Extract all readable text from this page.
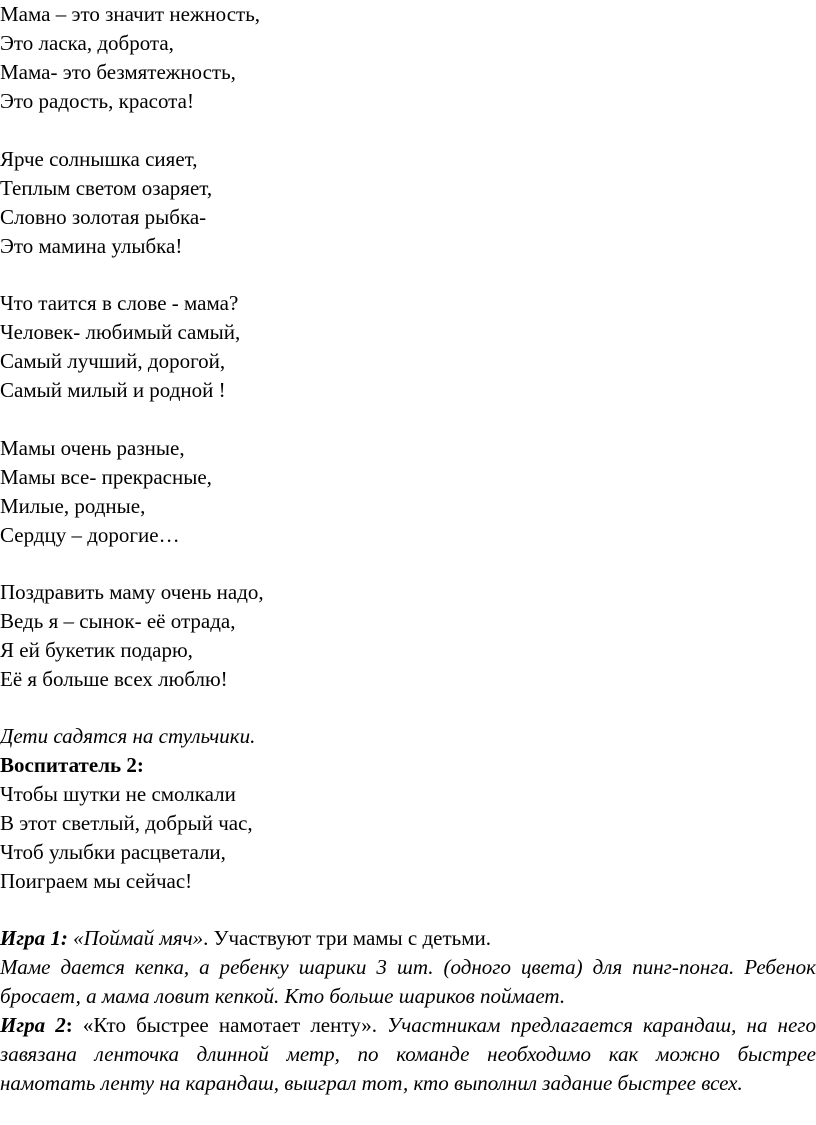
Мама – это значит нежность,
Это ласка, доброта,
Мама- это безмятежность,
Это радость, красота!
Ярче солнышка сияет,
Теплым светом озаряет,
Словно золотая рыбка-
Это мамина улыбка!
Что таится в слове - мама?
Человек- любимый самый,
Самый лучший, дорогой,
Самый милый и родной !
Мамы очень разные,
Мамы все- прекрасные,
Милые, родные,
Сердцу – дорогие…
Поздравить маму очень надо,
Ведь я – сынок- её отрада,
Я ей букетик подарю,
Её я больше всех люблю!
Дети садятся на стульчики.
Воспитатель 2:
Чтобы шутки не смолкали
В этот светлый, добрый час,
Чтоб улыбки расцветали,
Поиграем мы сейчас!
Игра 1: «Поймай мяч». Участвуют три мамы с детьми.
Маме дается кепка, а ребенку шарики 3 шт. (одного цвета) для пинг-понга. Ребенок
бросает, а мама ловит кепкой. Кто больше шариков поймает.
Игра 2: «Кто быстрее намотает ленту». Участникам предлагается карандаш, на него
завязана ленточка длинной метр, по команде необходимо как можно быстрее
намотать ленту на карандаш, выиграл тот, кто выполнил задание быстрее всех.
